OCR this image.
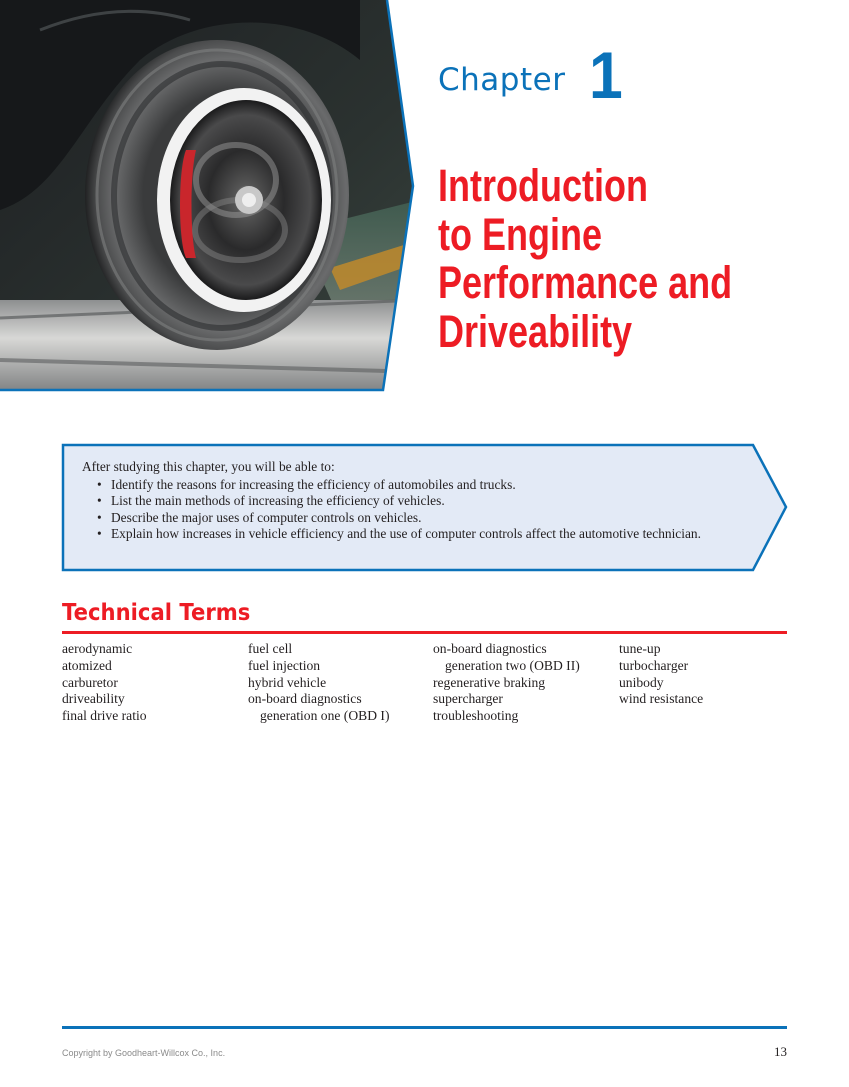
Chapter 1
Introduction
to Engine
Performance and
Driveability
After studying this chapter, you will be able to:
• Identify the reasons for increasing the efficiency of automobiles and trucks.
• List the main methods of increasing the efficiency of vehicles.
• Describe the major uses of computer controls on vehicles.
• Explain how increases in vehicle efficiency and the use of computer controls affect the automotive technician.
Technical Terms
aerodynamic
atomized
carburetor
driveability
final drive ratio
fuel cell
fuel injection
hybrid vehicle
on-board diagnostics
generation one (OBD I)
on-board diagnostics
generation two (OBD II)
regenerative braking
supercharger
troubleshooting
tune-up
turbocharger
unibody
wind resistance
Copyright by Goodheart-Willcox Co., Inc.	13
